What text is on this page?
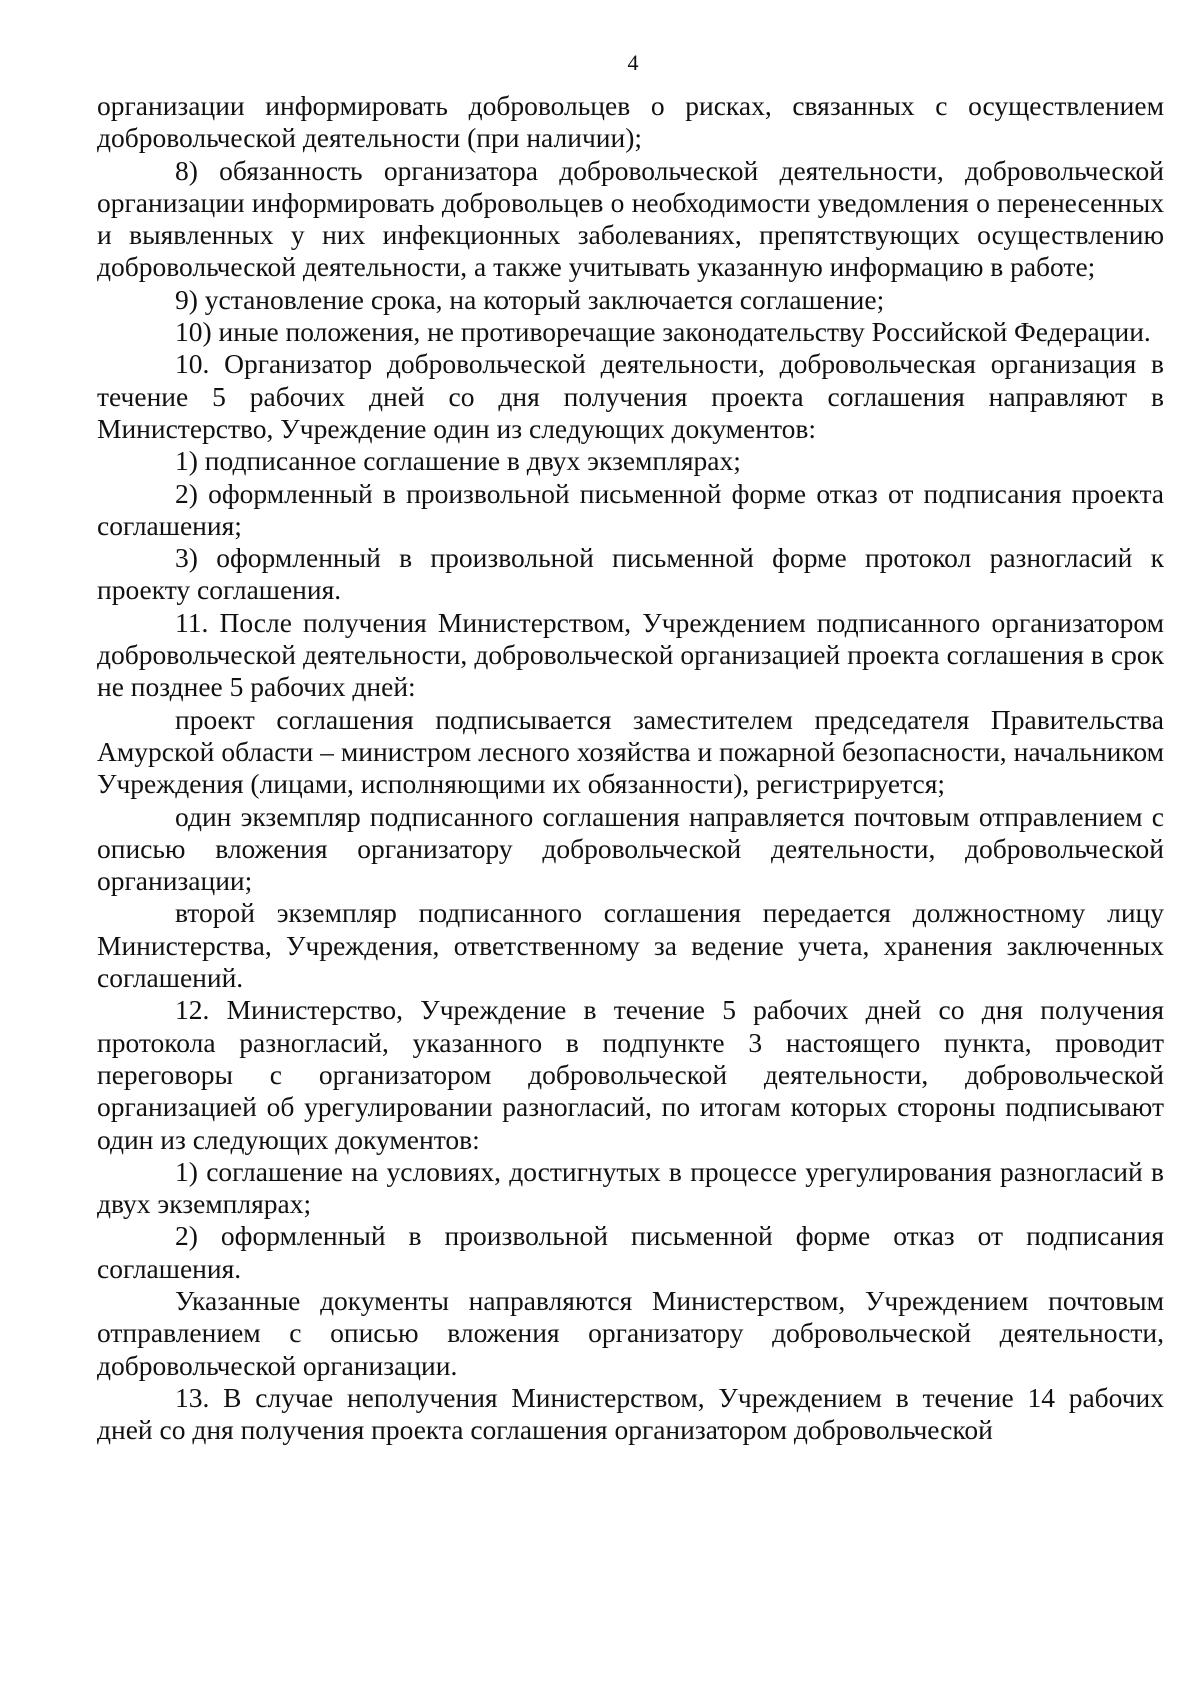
4

организации информировать добровольцев о рисках, связанных с осуществлением добровольческой деятельности (при наличии);

8) обязанность организатора добровольческой деятельности, добровольческой организации информировать добровольцев о необходимости уведомления о перенесенных и выявленных у них инфекционных заболеваниях, препятствующих осуществлению добровольческой деятельности, а также учитывать указанную информацию в работе;

9) установление срока, на который заключается соглашение;

10) иные положения, не противоречащие законодательству Российской Федерации.

10. Организатор добровольческой деятельности, добровольческая организация в течение 5 рабочих дней со дня получения проекта соглашения направляют в Министерство, Учреждение один из следующих документов:

1) подписанное соглашение в двух экземплярах;

2) оформленный в произвольной письменной форме отказ от подписания проекта соглашения;

3) оформленный в произвольной письменной форме протокол разногласий к проекту соглашения.

11. После получения Министерством, Учреждением подписанного организатором добровольческой деятельности, добровольческой организацией проекта соглашения в срок не позднее 5 рабочих дней:

проект соглашения подписывается заместителем председателя Правительства Амурской области – министром лесного хозяйства и пожарной безопасности, начальником Учреждения (лицами, исполняющими их обязанности), регистрируется;

один экземпляр подписанного соглашения направляется почтовым отправлением с описью вложения организатору добровольческой деятельности, добровольческой организации;

второй экземпляр подписанного соглашения передается должностному лицу Министерства, Учреждения, ответственному за ведение учета, хранения заключенных соглашений.

12. Министерство, Учреждение в течение 5 рабочих дней со дня получения протокола разногласий, указанного в подпункте 3 настоящего пункта, проводит переговоры с организатором добровольческой деятельности, добровольческой организацией об урегулировании разногласий, по итогам которых стороны подписывают один из следующих документов:

1) соглашение на условиях, достигнутых в процессе урегулирования разногласий в двух экземплярах;

2) оформленный в произвольной письменной форме отказ от подписания соглашения.

Указанные документы направляются Министерством, Учреждением почтовым отправлением с описью вложения организатору добровольческой деятельности, добровольческой организации.

13. В случае неполучения Министерством, Учреждением в течение 14 рабочих дней со дня получения проекта соглашения организатором добровольческой
